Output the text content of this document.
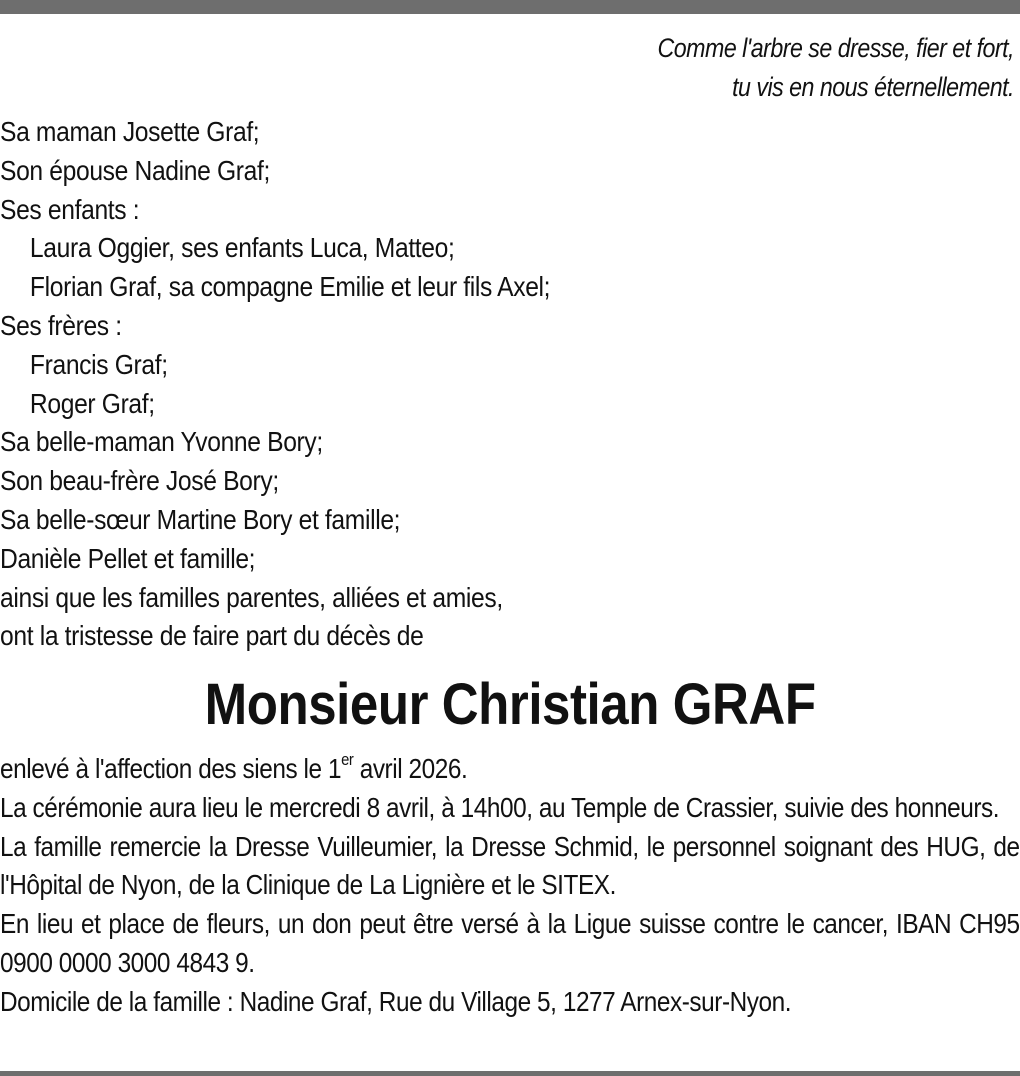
Comme l'arbre se dresse, fier et fort,
tu vis en nous éternellement.
Sa maman Josette Graf;
Son épouse Nadine Graf;
Ses enfants :
Laura Oggier, ses enfants Luca, Matteo;
Florian Graf, sa compagne Emilie et leur fils Axel;
Ses frères :
Francis Graf;
Roger Graf;
Sa belle-maman Yvonne Bory;
Son beau-frère José Bory;
Sa belle-sœur Martine Bory et famille;
Danièle Pellet et famille;
ainsi que les familles parentes, alliées et amies,
ont la tristesse de faire part du décès de
Monsieur Christian GRAF
enlevé à l'affection des siens le 1er avril 2026.
La cérémonie aura lieu le mercredi 8 avril, à 14h00, au Temple de Crassier, suivie des honneurs.
La famille remercie la Dresse Vuilleumier, la Dresse Schmid, le personnel soignant des HUG, de l'Hôpital de Nyon, de la Clinique de La Lignière et le SITEX.
En lieu et place de fleurs, un don peut être versé à la Ligue suisse contre le cancer, IBAN CH95 0900 0000 3000 4843 9.
Domicile de la famille : Nadine Graf, Rue du Village 5, 1277 Arnex-sur-Nyon.
